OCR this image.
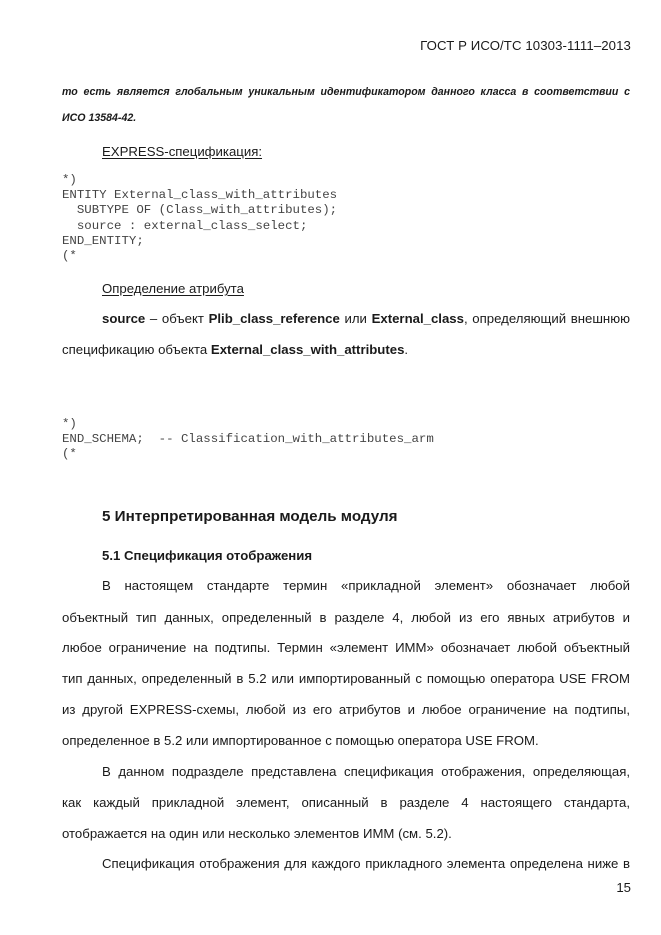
ГОСТ Р ИСО/ТС 10303-1111–2013
то есть является глобальным уникальным идентификатором данного класса в соответствии с
ИСО 13584-42.
EXPRESS-спецификация:
*)
ENTITY External_class_with_attributes
SUBTYPE OF (Class_with_attributes);
source : external_class_select;
END_ENTITY;
(*
Определение атрибута
source – объект Plib_class_reference или External_class, определяющий внешнюю
спецификацию объекта External_class_with_attributes.
*)
END_SCHEMA;  -- Classification_with_attributes_arm
(*
5 Интерпретированная модель модуля
5.1 Спецификация отображения
В настоящем стандарте термин «прикладной элемент» обозначает любой
объектный тип данных, определенный в разделе 4, любой из его явных атрибутов и
любое ограничение на подтипы. Термин «элемент ИММ» обозначает любой объектный
тип данных, определенный в 5.2 или импортированный с помощью оператора USE FROM
из другой EXPRESS-схемы, любой из его атрибутов и любое ограничение на подтипы,
определенное в 5.2 или импортированное с помощью оператора USE FROM.
В данном подразделе представлена спецификация отображения, определяющая,
как каждый прикладной элемент, описанный в разделе 4 настоящего стандарта,
отображается на один или несколько элементов ИММ (см. 5.2).
Спецификация отображения для каждого прикладного элемента определена ниже в
15
